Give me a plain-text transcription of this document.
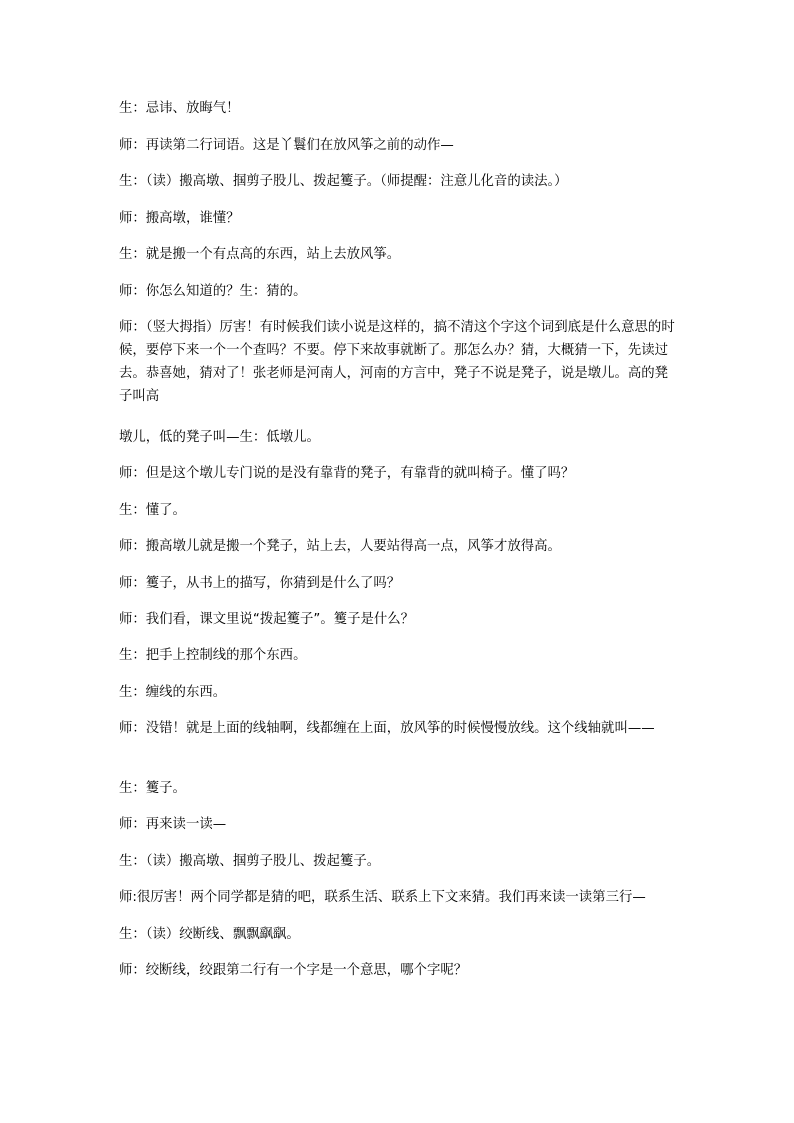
生：忌讳、放晦气！

师：再读第二行词语。这是丫鬟们在放风筝之前的动作—

生：（读）搬高墩、掴剪子股儿、拨起籆子。（师提醒：注意儿化音的读法。）

师：搬高墩，谁懂？

生：就是搬一个有点高的东西，站上去放风筝。

师：你怎么知道的？生：猜的。

师：（竖大拇指）厉害！有时候我们读小说是这样的，搞不清这个字这个词到底是什么意思的时候，要停下来一个一个查吗？不要。停下来故事就断了。那怎么办？猜，大概猜一下，先读过去。恭喜她，猜对了！张老师是河南人，河南的方言中，凳子不说是凳子，说是墩儿。高的凳子叫高

墩儿，低的凳子叫—生：低墩儿。

师：但是这个墩儿专门说的是没有靠背的凳子，有靠背的就叫椅子。懂了吗？

生：懂了。

师：搬高墩儿就是搬一个凳子，站上去，人要站得高一点，风筝才放得高。

师：籆子，从书上的描写，你猜到是什么了吗？

师：我们看，课文里说“拨起籆子”。籆子是什么？

生：把手上控制线的那个东西。

生：缠线的东西。

师：没错！就是上面的线轴啊，线都缠在上面，放风筝的时候慢慢放线。这个线轴就叫——

生：籆子。

师：再来读一读—

生：（读）搬高墩、掴剪子股儿、拨起籆子。

师:很厉害！两个同学都是猜的吧，联系生活、联系上下文来猜。我们再来读一读第三行—

生：（读）绞断线、飘飘飖飖。

师：绞断线，绞跟第二行有一个字是一个意思，哪个字呢？
